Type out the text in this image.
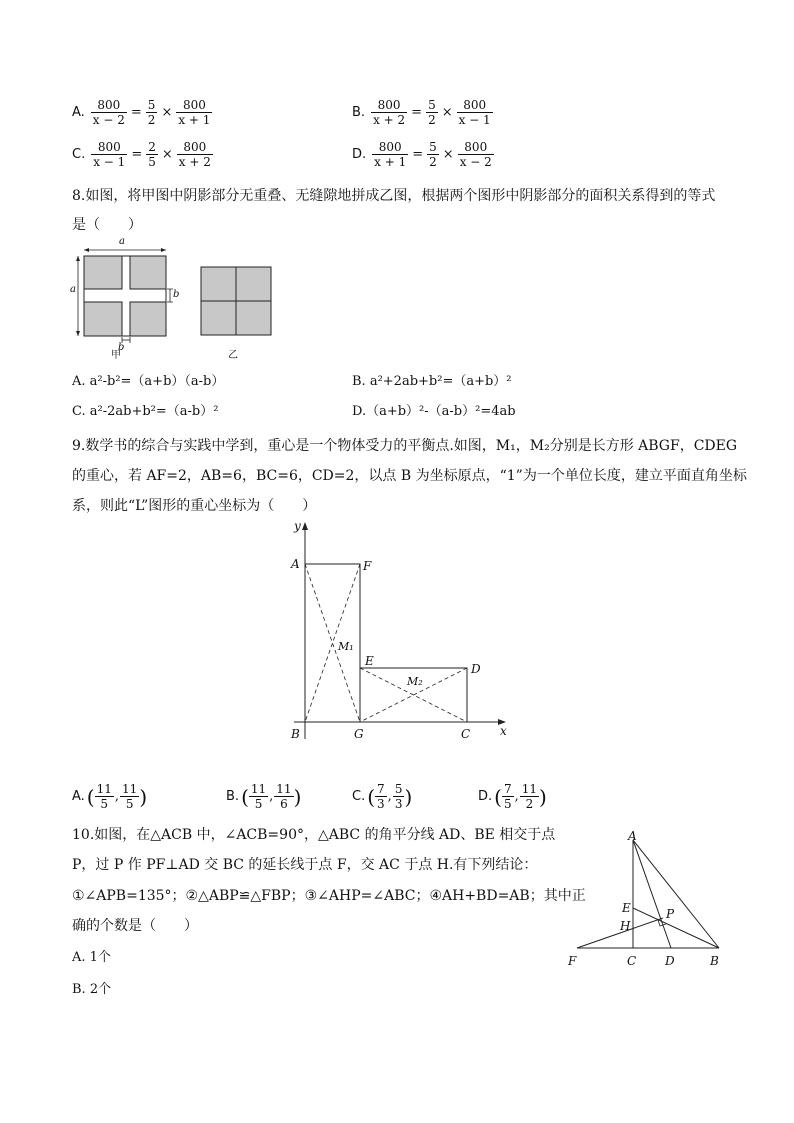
A. $\frac{800}{x - 2} = \frac{5}{2} \times \frac{800}{x + 1}$	B. $\frac{800}{x + 2} = \frac{5}{2} \times \frac{800}{x - 1}$
C. $\frac{800}{x - 1} = \frac{2}{5} \times \frac{800}{x + 2}$	D. $\frac{800}{x + 1} = \frac{5}{2} \times \frac{800}{x - 2}$
8.如图，将甲图中阴影部分无重叠、无缝隙地拼成乙图，根据两个图形中阴影部分的面积关系得到的等式
是（　　）
a
a	b
b
甲	乙
A. a²-b²=（a+b）（a-b）	B. a²+2ab+b²=（a+b）²
C. a²-2ab+b²=（a-b）²	D.（a+b）²-（a-b）²=4ab
9.数学书的综合与实践中学到，重心是一个物体受力的平衡点.如图，M₁，M₂分别是长方形 ABGF，CDEG
的重心，若 AF=2，AB=6，BC=6，CD=2，以点 B 为坐标原点，“1”为一个单位长度，建立平面直角坐标
系，则此“L”图形的重心坐标为（　　）
y
x
A	F
M₁
E
D
M₂
B	G	C
A. ( $\frac{11}{5}$ , $\frac{11}{5}$ )	B. ( $\frac{11}{5}$ , $\frac{11}{6}$ )	C. ( $\frac{7}{3}$ , $\frac{5}{3}$ )	D. ( $\frac{7}{5}$ , $\frac{11}{2}$ )
10.如图，在△ACB 中，∠ACB=90°，△ABC 的角平分线 AD、BE 相交于点
P，过 P 作 PF⊥AD 交 BC 的延长线于点 F，交 AC 于点 H.有下列结论：
①∠APB=135°；②△ABP≌△FBP；③∠AHP=∠ABC；④AH+BD=AB；其中正
确的个数是（　　）
A. 1个
B. 2个
A
E	P
H
F	C D	B
